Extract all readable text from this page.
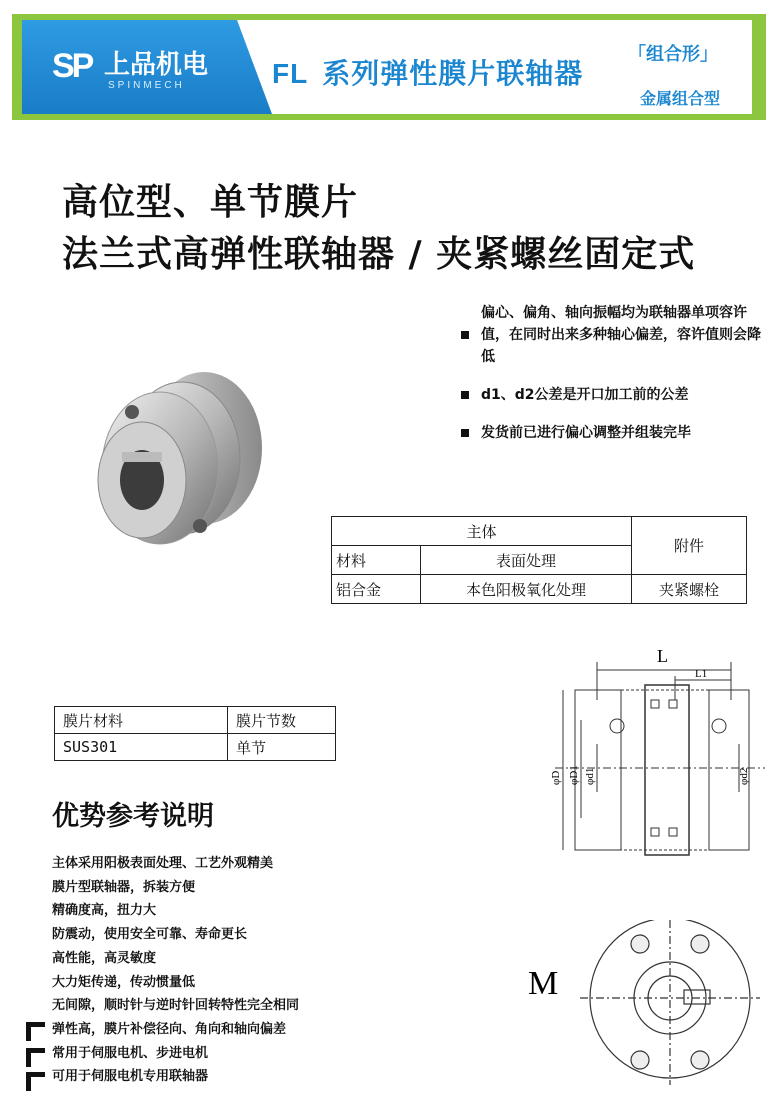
SP 上品机电
SPINMECH	FL 系列弹性膜片联轴器
「 组合形 」
金属组合型
高位型、单节膜片
法兰式高弹性联轴器 / 夹紧螺丝固定式
偏心、偏角、轴向振幅均为联轴器单项容许值，在同时出来多种轴心偏差，容许值则会降低
d1、d2公差是开口加工前的公差
发货前已进行偏心调整并组装完毕
主体		附件
材料	表面处理	
铝合金	本色阳极氧化处理	夹紧螺栓
膜片材料	膜片节数
SUS301	单节
L
L1
φD φD1 φd1	φd2
M
优势参考说明
主体采用阳极表面处理、工艺外观精美
膜片型联轴器，拆装方便
精确度高，扭力大
防震动，使用安全可靠、寿命更长
高性能，高灵敏度
大力矩传递，传动惯量低
无间隙，顺时针与逆时针回转特性完全相同
弹性高，膜片补偿径向、角向和轴向偏差
常用于伺服电机、步进电机
可用于伺服电机专用联轴器
